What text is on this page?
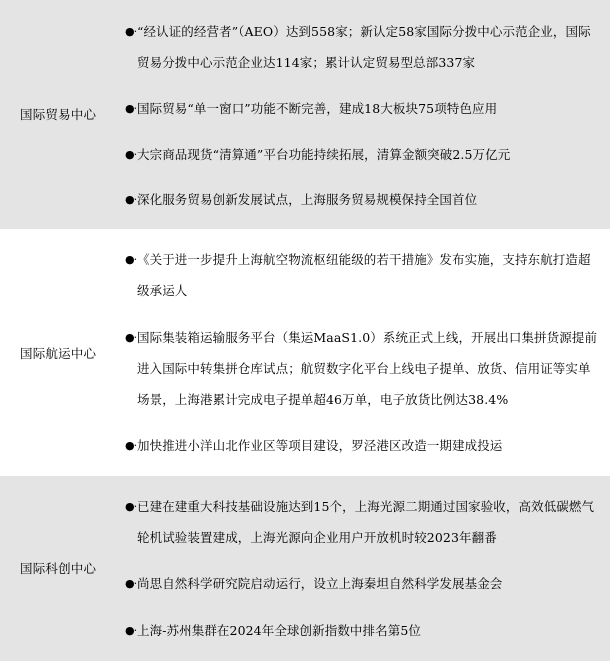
国际贸易中心
●· “经认证的经营者”（AEO）达到558家；新认定58家国际分拨中心示范企业，国际贸易分拨中心示范企业达114家；累计认定贸易型总部337家
●· 国际贸易“单一窗口”功能不断完善，建成18大板块75项特色应用
●· 大宗商品现货“清算通”平台功能持续拓展，清算金额突破2.5万亿元
●· 深化服务贸易创新发展试点，上海服务贸易规模保持全国首位
国际航运中心
●· 《关于进一步提升上海航空物流枢纽能级的若干措施》发布实施，支持东航打造超级承运人
●· 国际集装箱运输服务平台（集运MaaS1.0）系统正式上线，开展出口集拼货源提前进入国际中转集拼仓库试点；航贸数字化平台上线电子提单、放货、信用证等实单场景，上海港累计完成电子提单超46万单，电子放货比例达38.4%
●· 加快推进小洋山北作业区等项目建设，罗泾港区改造一期建成投运
国际科创中心
●· 已建在建重大科技基础设施达到15个，上海光源二期通过国家验收，高效低碳燃气轮机试验装置建成，上海光源向企业用户开放机时较2023年翻番
●· 尚思自然科学研究院启动运行，设立上海秦坦自然科学发展基金会
●· 上海-苏州集群在2024年全球创新指数中排名第5位
